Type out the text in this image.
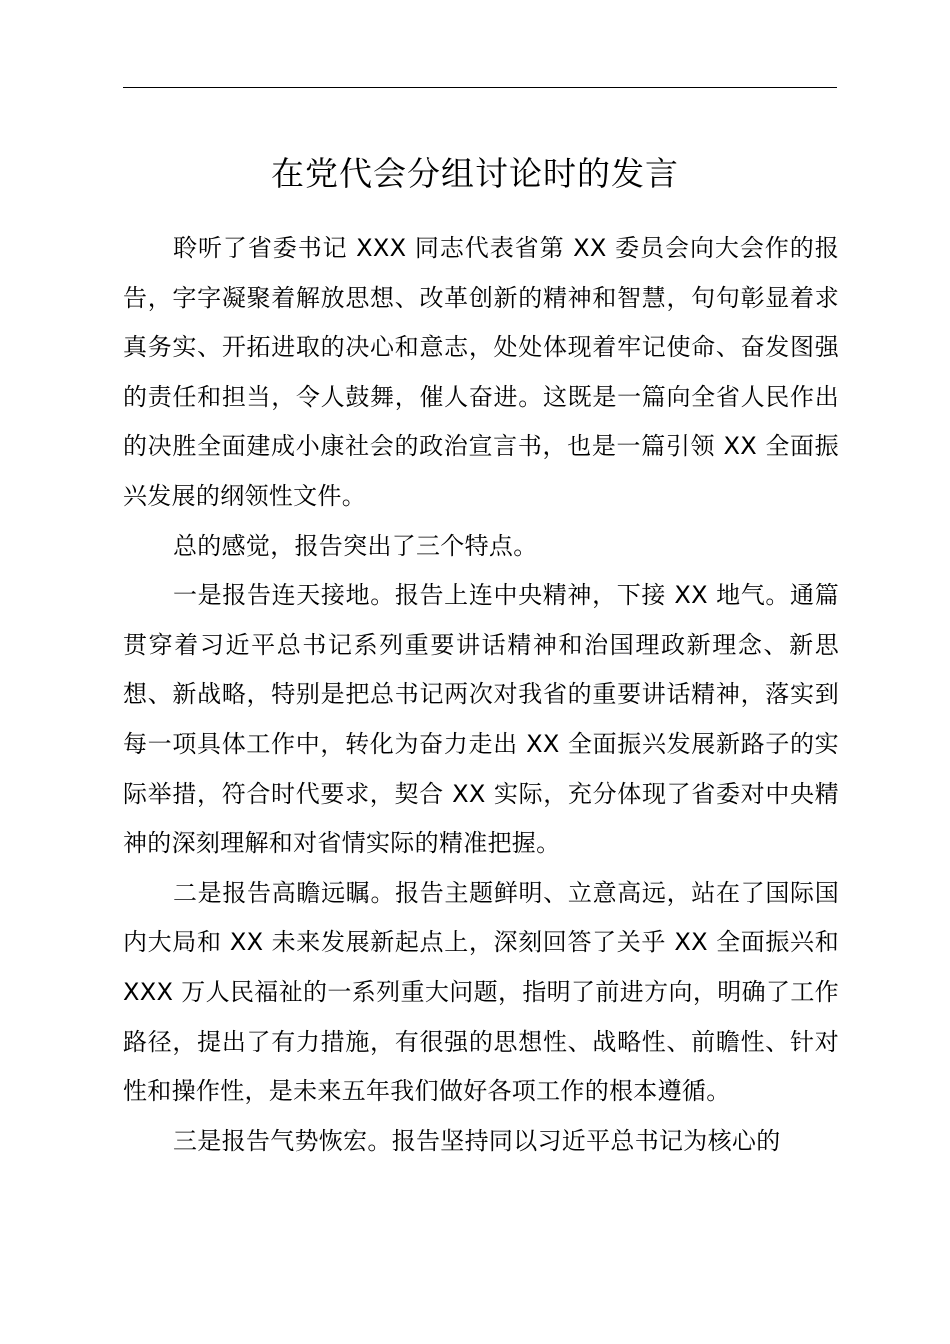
在党代会分组讨论时的发言

聆听了省委书记 XXX 同志代表省第 XX 委员会向大会作的报告，字字凝聚着解放思想、改革创新的精神和智慧，句句彰显着求真务实、开拓进取的决心和意志，处处体现着牢记使命、奋发图强的责任和担当，令人鼓舞，催人奋进。这既是一篇向全省人民作出的决胜全面建成小康社会的政治宣言书，也是一篇引领 XX 全面振兴发展的纲领性文件。

总的感觉，报告突出了三个特点。

一是报告连天接地。报告上连中央精神，下接 XX 地气。通篇贯穿着习近平总书记系列重要讲话精神和治国理政新理念、新思想、新战略，特别是把总书记两次对我省的重要讲话精神，落实到每一项具体工作中，转化为奋力走出 XX 全面振兴发展新路子的实际举措，符合时代要求，契合 XX 实际，充分体现了省委对中央精神的深刻理解和对省情实际的精准把握。

二是报告高瞻远瞩。报告主题鲜明、立意高远，站在了国际国内大局和 XX 未来发展新起点上，深刻回答了关乎 XX 全面振兴和 XXX 万人民福祉的一系列重大问题，指明了前进方向，明确了工作路径，提出了有力措施，有很强的思想性、战略性、前瞻性、针对性和操作性，是未来五年我们做好各项工作的根本遵循。

三是报告气势恢宏。报告坚持同以习近平总书记为核心的
